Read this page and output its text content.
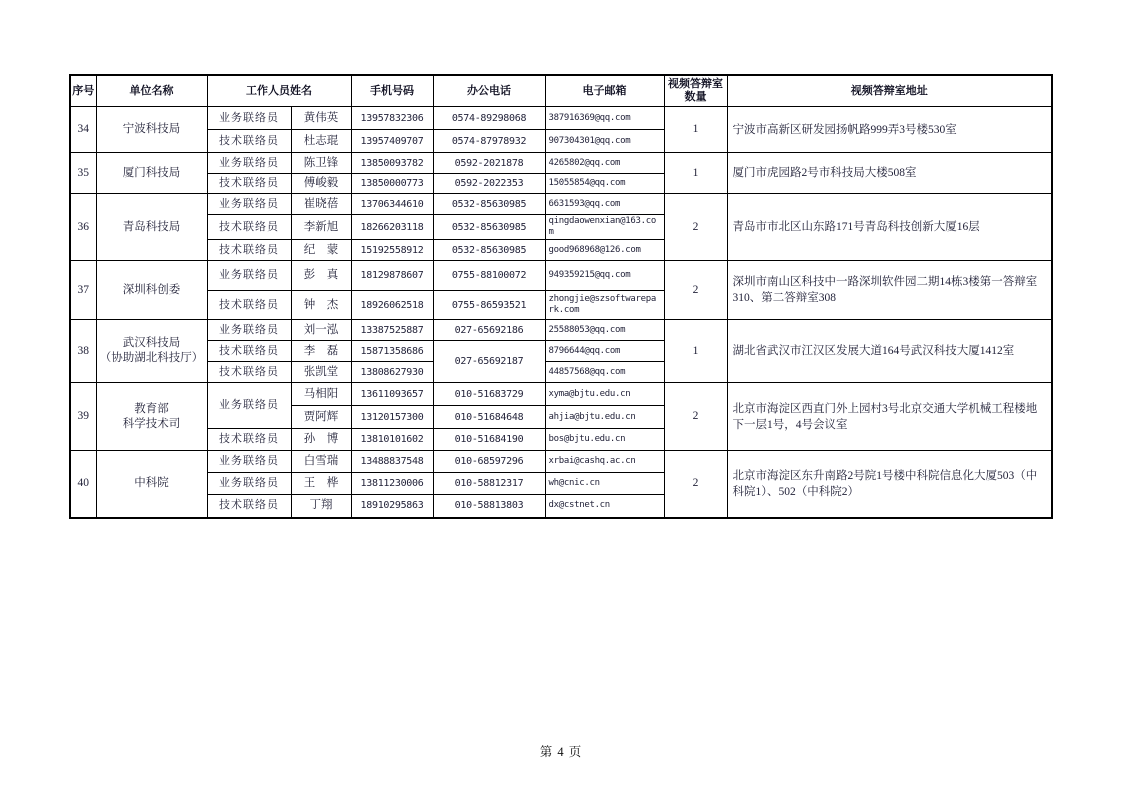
序号	单位名称	工作人员姓名		手机号码	办公电话	电子邮箱	视频答辩室
数量	视频答辩室地址
34	宁波科技局	业务联络员	黄伟英	13957832306	0574-89298068	387916369@qq.com	1	宁波市高新区研发园扬帆路999弄3号楼530室
		技术联络员	杜志琨	13957409707	0574-87978932	907304301@qq.com		
35	厦门科技局	业务联络员	陈卫锋	13850093782	0592-2021878	4265802@qq.com	1	厦门市虎园路2号市科技局大楼508室
		技术联络员	傅峻毅	13850000773	0592-2022353	15055854@qq.com		
36	青岛科技局	业务联络员	崔晓蓓	13706344610	0532-85630985	6631593@qq.com	2	青岛市市北区山东路171号青岛科技创新大厦16层
		技术联络员	李新旭	18266203118	0532-85630985	qingdaowenxian@163.com		
		技术联络员	纪　蒙	15192558912	0532-85630985	good968968@126.com		
37	深圳科创委	业务联络员	彭　真	18129878607	0755-88100072	949359215@qq.com	2	深圳市南山区科技中一路深圳软件园二期14栋3楼第一答辩室310、第二答辩室308
		技术联络员	钟　杰	18926062518	0755-86593521	zhongjie@szsoftwarepark.com		
38	武汉科技局
（协助湖北科技厅）	业务联络员	刘一泓	13387525887	027-65692186	25588053@qq.com	1	湖北省武汉市江汉区发展大道164号武汉科技大厦1412室
		技术联络员	李　磊	15871358686	027-65692187	8796644@qq.com		
		技术联络员	张凯堂	13808627930		44857568@qq.com		
39	教育部
科学技术司	业务联络员	马相阳	13611093657	010-51683729	xyma@bjtu.edu.cn	2	北京市海淀区西直门外上园村3号北京交通大学机械工程楼地下一层1号，4号会议室
			贾阿辉	13120157300	010-51684648	ahjia@bjtu.edu.cn		
		技术联络员	孙　博	13810101602	010-51684190	bos@bjtu.edu.cn		
40	中科院	业务联络员	白雪瑞	13488837548	010-68597296	xrbai@cashq.ac.cn	2	北京市海淀区东升南路2号院1号楼中科院信息化大厦503（中科院1）、502（中科院2）
		业务联络员	王　桦	13811230006	010-58812317	wh@cnic.cn		
		技术联络员	丁翔	18910295863	010-58813803	dx@cstnet.cn		
第 4 页
